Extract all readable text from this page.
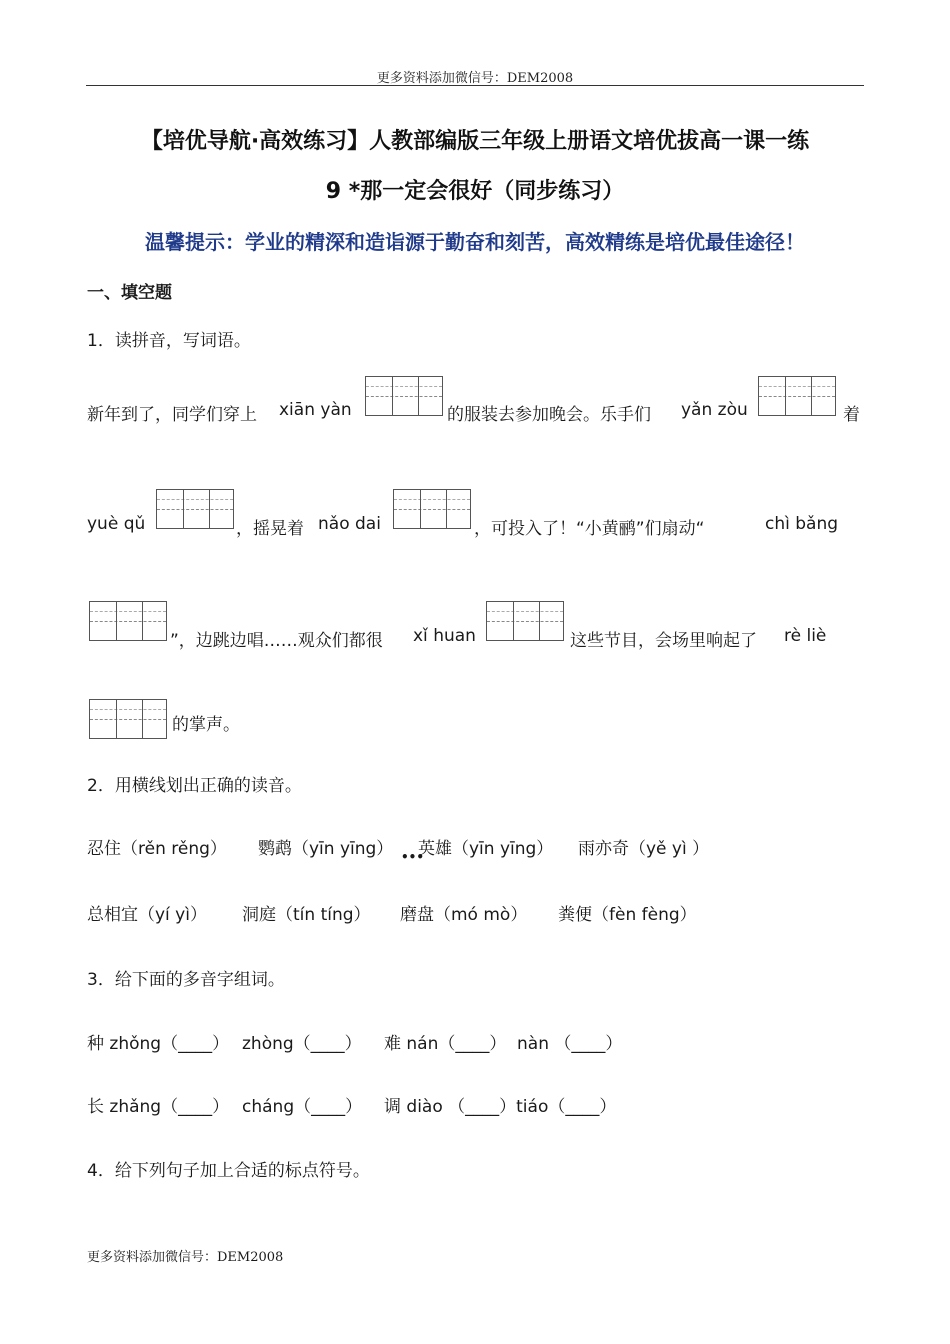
更多资料添加微信号：DEM2008
【培优导航·高效练习】人教部编版三年级上册语文培优拔高一课一练
9 *那一定会很好（同步练习）
温馨提示：学业的精深和造诣源于勤奋和刻苦，高效精练是培优最佳途径！
一、填空题
1．读拼音，写词语。
新年到了，同学们穿上 xiān yàn	的服装去参加晚会。乐手们 yǎn zòu	着
yuè qǔ	，摇晃着 nǎo dai	，可投入了！“小黄鹂”们扇动“	chì bǎng
”，边跳边唱……观众们都很 xǐ huan	这些节目，会场里响起了 rè liè
的掌声。
2．用横线划出正确的读音。
忍住（rěn rěng） 鹦鹉（yīn yīng） •••
英雄（yīn yīng） 雨亦奇（yě yì ）
总相宜（yí yì） 洞庭（tín tíng） 磨盘（mó mò） 粪便（fèn fèng）
3．给下面的多音字组词。
种 zhǒng（____） zhòng（____） 难 nán（____） nàn （____）
长 zhǎng（____） cháng（____） 调 diào （____）tiáo（____）
4．给下列句子加上合适的标点符号。
更多资料添加微信号：DEM2008
